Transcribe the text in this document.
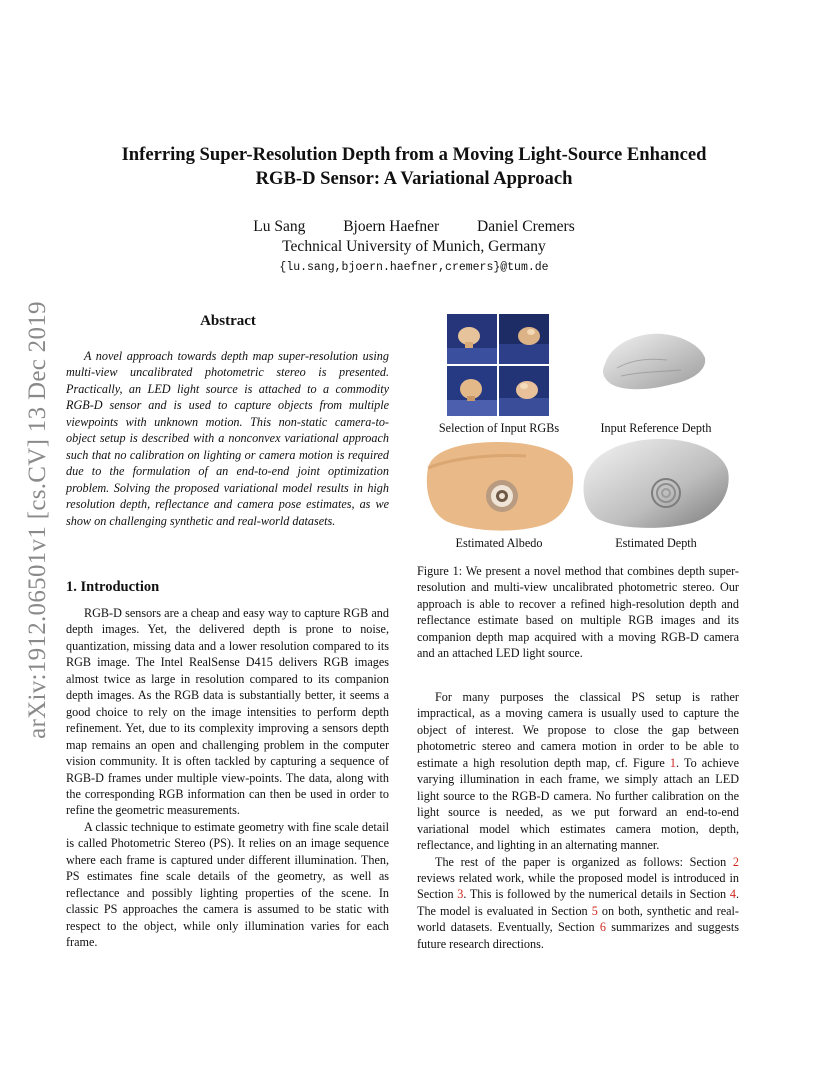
arXiv:1912.06501v1 [cs.CV] 13 Dec 2019
Inferring Super-Resolution Depth from a Moving Light-Source Enhanced
RGB-D Sensor: A Variational Approach
Lu Sang Bjoern Haefner Daniel Cremers
Technical University of Munich, Germany
{lu.sang,bjoern.haefner,cremers}@tum.de
Abstract

A novel approach towards depth map super-resolution using multi-view uncalibrated photometric stereo is presented. Practically, an LED light source is attached to a commodity RGB-D sensor and is used to capture objects from multiple viewpoints with unknown motion. This non-static camera-to-object setup is described with a nonconvex variational approach such that no calibration on lighting or camera motion is required due to the formulation of an end-to-end joint optimization problem. Solving the proposed variational model results in high resolution depth, reflectance and camera pose estimates, as we show on challenging synthetic and real-world datasets.

1. Introduction

RGB-D sensors are a cheap and easy way to capture RGB and depth images. Yet, the delivered depth is prone to noise, quantization, missing data and a lower resolution compared to its RGB image. The Intel RealSense D415 delivers RGB images almost twice as large in resolution compared to its companion depth images. As the RGB data is substantially better, it seems a good choice to rely on the image intensities to perform depth refinement. Yet, due to its complexity improving a sensors depth map remains an open and challenging problem in the computer vision community. It is often tackled by capturing a sequence of RGB-D frames under multiple view-points. The data, along with the corresponding RGB information can then be used in order to refine the geometric measurements.

A classic technique to estimate geometry with fine scale detail is called Photometric Stereo (PS). It relies on an image sequence where each frame is captured under different illumination. Then, PS estimates fine scale details of the geometry, as well as reflectance and possibly lighting properties of the scene. In classic PS approaches the camera is assumed to be static with respect to the object, while only illumination varies for each frame.

Selection of Input RGBs	Input Reference Depth
Estimated Albedo	Estimated Depth

Figure 1: We present a novel method that combines depth super-resolution and multi-view uncalibrated photometric stereo. Our approach is able to recover a refined high-resolution depth and reflectance estimate based on multiple RGB images and its companion depth map acquired with a moving RGB-D camera and an attached LED light source.

For many purposes the classical PS setup is rather impractical, as a moving camera is usually used to capture the object of interest. We propose to close the gap between photometric stereo and camera motion in order to be able to estimate a high resolution depth map, cf. Figure 1. To achieve varying illumination in each frame, we simply attach an LED light source to the RGB-D camera. No further calibration on the light source is needed, as we put forward an end-to-end variational model which estimates camera motion, depth, reflectance, and lighting in an alternating manner.

The rest of the paper is organized as follows: Section 2 reviews related work, while the proposed model is introduced in Section 3. This is followed by the numerical details in Section 4. The model is evaluated in Section 5 on both, synthetic and real-world datasets. Eventually, Section 6 summarizes and suggests future research directions.
